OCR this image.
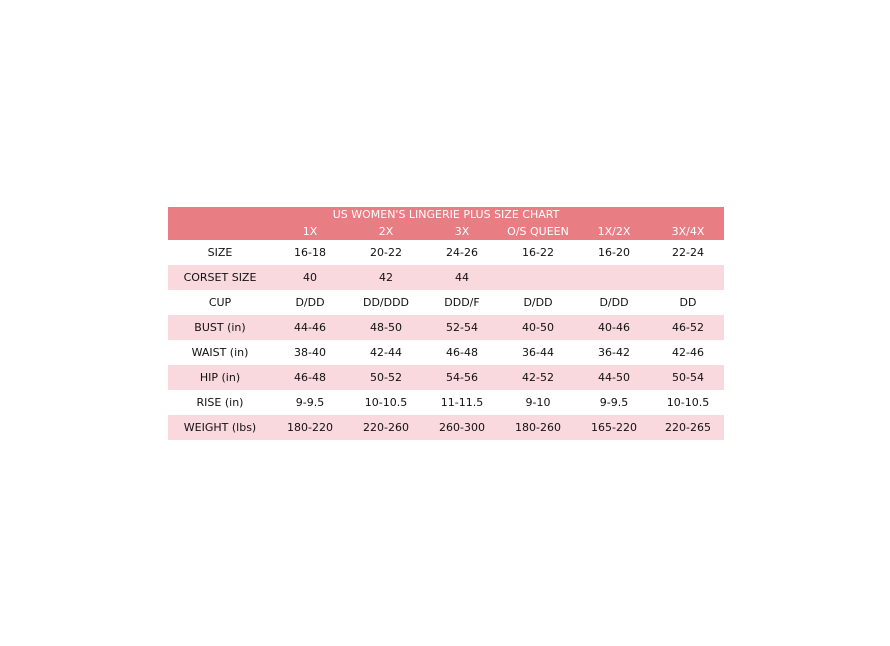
US WOMEN'S LINGERIE PLUS SIZE CHART						
	1X	2X	3X	O/S QUEEN	1X/2X	3X/4X
SIZE	16-18	20-22	24-26	16-22	16-20	22-24
CORSET SIZE	40	42	44			
CUP	D/DD	DD/DDD	DDD/F	D/DD	D/DD	DD
BUST (in)	44-46	48-50	52-54	40-50	40-46	46-52
WAIST (in)	38-40	42-44	46-48	36-44	36-42	42-46
HIP (in)	46-48	50-52	54-56	42-52	44-50	50-54
RISE (in)	9-9.5	10-10.5	11-11.5	9-10	9-9.5	10-10.5
WEIGHT (lbs)	180-220	220-260	260-300	180-260	165-220	220-265
